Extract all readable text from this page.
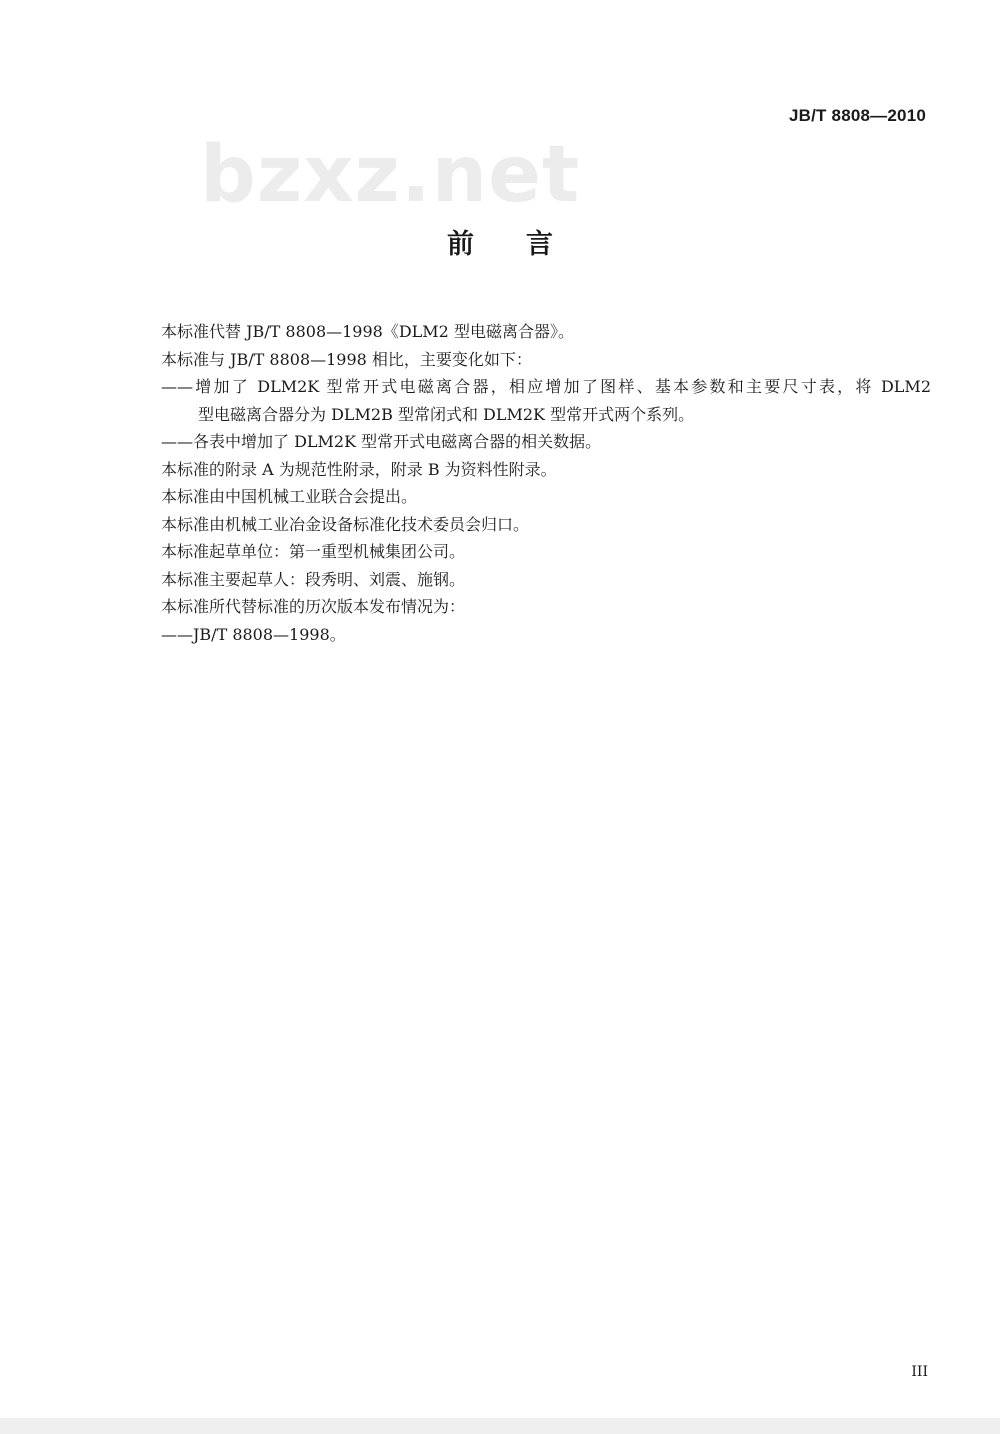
JB/T 8808—2010
bzxz.net
前言
本标准代替 JB/T 8808—1998《DLM2 型电磁离合器》。
本标准与 JB/T 8808—1998 相比，主要变化如下：
——增加了 DLM2K 型常开式电磁离合器，相应增加了图样、基本参数和主要尺寸表，将 DLM2
型电磁离合器分为 DLM2B 型常闭式和 DLM2K 型常开式两个系列。
——各表中增加了 DLM2K 型常开式电磁离合器的相关数据。
本标准的附录 A 为规范性附录，附录 B 为资料性附录。
本标准由中国机械工业联合会提出。
本标准由机械工业冶金设备标准化技术委员会归口。
本标准起草单位：第一重型机械集团公司。
本标准主要起草人：段秀明、刘震、施钢。
本标准所代替标准的历次版本发布情况为：
——JB/T 8808—1998。
III
